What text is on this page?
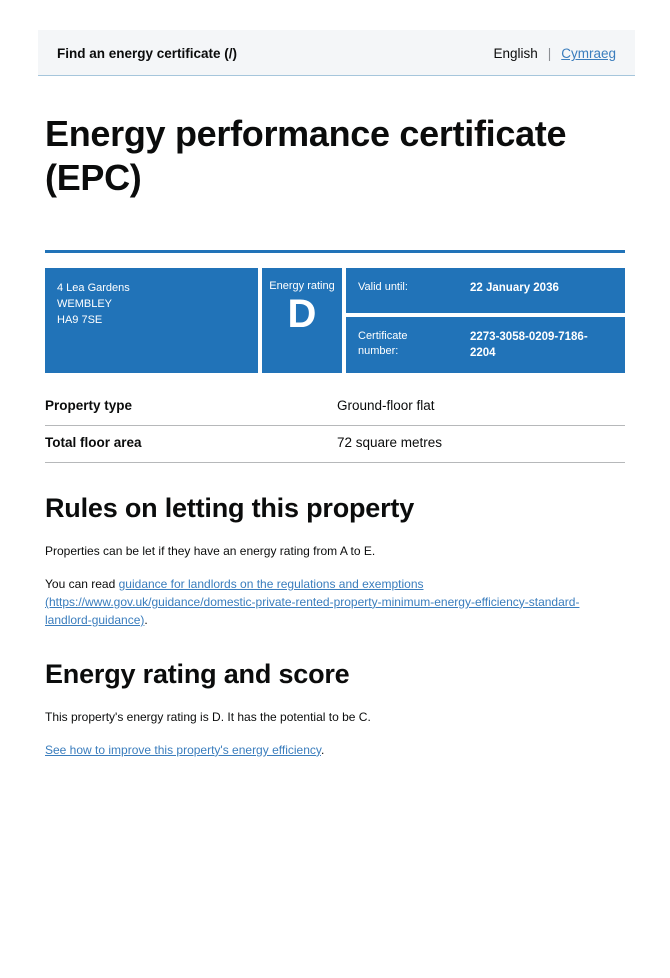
Find an energy certificate (/)	English | Cymraeg
Energy performance certificate (EPC)
4 Lea Gardens
WEMBLEY
HA9 7SE
Energy rating
D
Valid until:	22 January 2036
Certificate number:
2273-3058-0209-7186-2204
Property type	Ground-floor flat
Total floor area	72 square metres
Rules on letting this property

Properties can be let if they have an energy rating from A to E.

You can read guidance for landlords on the regulations and exemptions (https://www.gov.uk/guidance/domestic-private-rented-property-minimum-energy-efficiency-standard-landlord-guidance).

Energy rating and score

This property's energy rating is D. It has the potential to be C.

See how to improve this property's energy efficiency.
